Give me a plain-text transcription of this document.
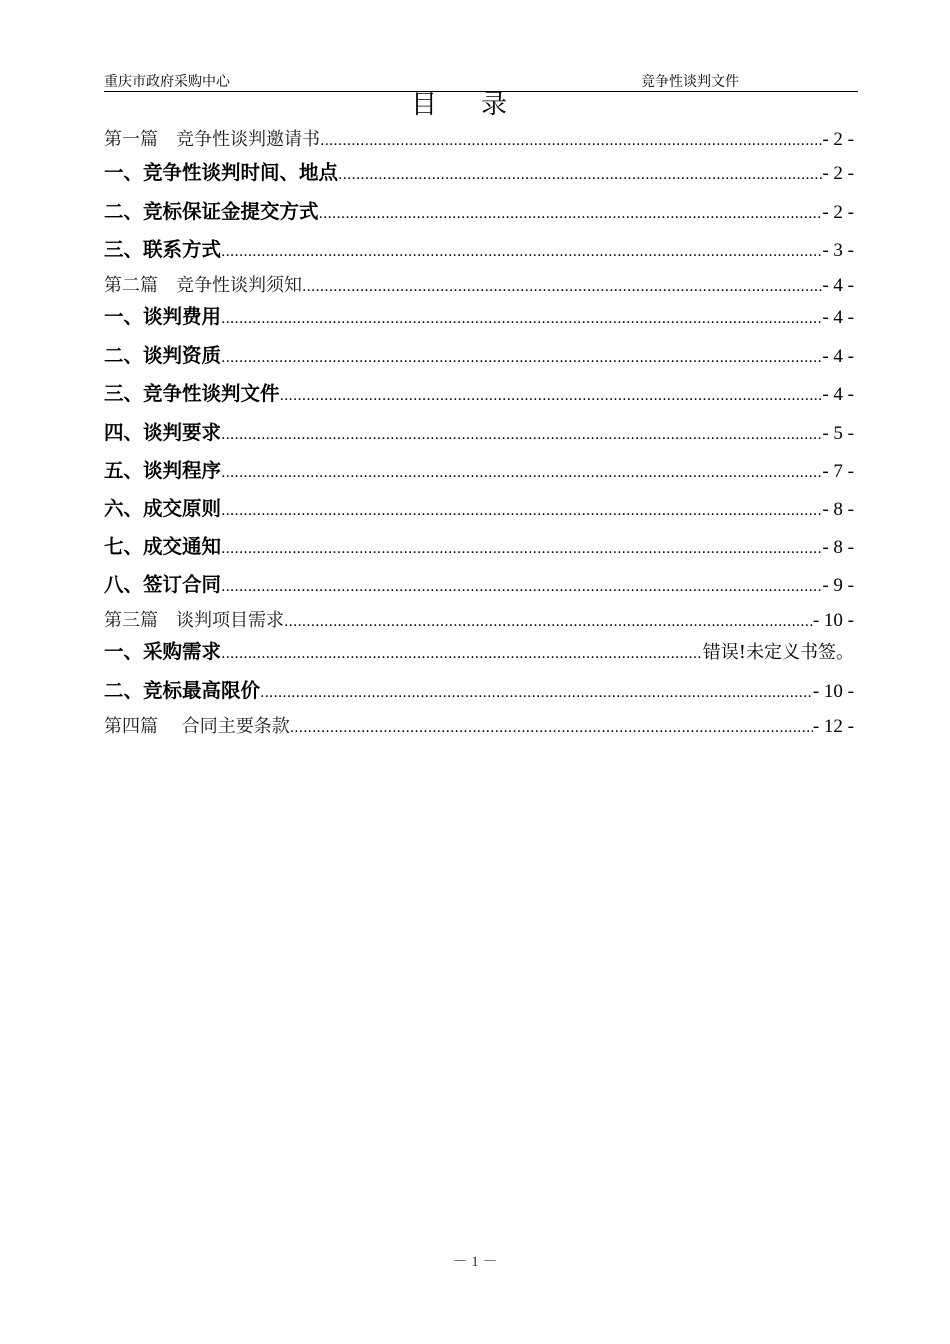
重庆市政府采购中心	竞争性谈判文件
目录
第一篇　竞争性谈判邀请书 .....	- 2 -
一、竞争性谈判时间、地点 .....	- 2 -
二、竞标保证金提交方式 .....	- 2 -
三、联系方式 .....	- 3 -
第二篇　竞争性谈判须知 .....	- 4 -
一、谈判费用 .....	- 4 -
二、谈判资质 .....	- 4 -
三、竞争性谈判文件 .....	- 4 -
四、谈判要求 .....	- 5 -
五、谈判程序 .....	- 7 -
六、成交原则 .....	- 8 -
七、成交通知 .....	- 8 -
八、签订合同 .....	- 9 -
第三篇　谈判项目需求 .....	- 10 -
一、采购需求 .....	错误!未定义书签。
二、竞标最高限价 .....	- 10 -
第四篇　 合同主要条款 .....	- 12 -
－ 1 －
